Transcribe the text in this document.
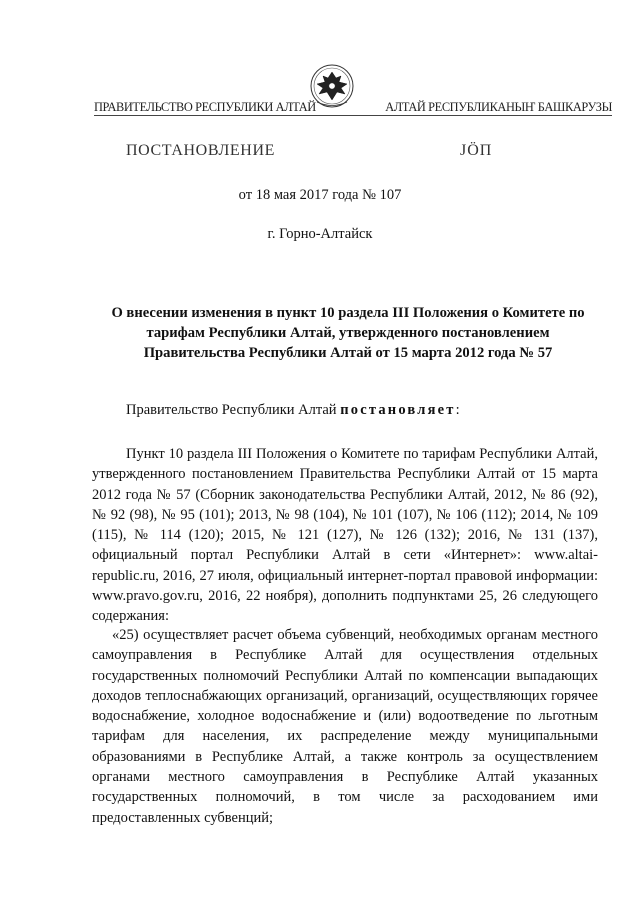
ПРАВИТЕЛЬСТВО РЕСПУБЛИКИ АЛТАЙ	АЛТАЙ РЕСПУБЛИКАНЫҤ БАШКАРУЗЫ
ПОСТАНОВЛЕНИЕ	ЈÖП
от 18 мая 2017 года № 107
г. Горно-Алтайск
О внесении изменения в пункт 10 раздела III Положения о Комитете по тарифам Республики Алтай, утвержденного постановлением Правительства Республики Алтай от 15 марта 2012 года № 57
Правительство Республики Алтай постановляет:
Пункт 10 раздела III Положения о Комитете по тарифам Республики Алтай, утвержденного постановлением Правительства Республики Алтай от 15 марта 2012 года № 57 (Сборник законодательства Республики Алтай, 2012, № 86 (92), № 92 (98), № 95 (101); 2013, № 98 (104), № 101 (107), № 106 (112); 2014, № 109 (115), № 114 (120); 2015, № 121 (127), № 126 (132); 2016, № 131 (137), официальный портал Республики Алтай в сети «Интернет»: www.altai-republic.ru, 2016, 27 июля, официальный интернет-портал правовой информации: www.pravo.gov.ru, 2016, 22 ноября), дополнить подпунктами 25, 26 следующего содержания:
«25) осуществляет расчет объема субвенций, необходимых органам местного самоуправления в Республике Алтай для осуществления отдельных государственных полномочий Республики Алтай по компенсации выпадающих доходов теплоснабжающих организаций, организаций, осуществляющих горячее водоснабжение, холодное водоснабжение и (или) водоотведение по льготным тарифам для населения, их распределение между муниципальными образованиями в Республике Алтай, а также контроль за осуществлением органами местного самоуправления в Республике Алтай указанных государственных полномочий, в том числе за расходованием ими предоставленных субвенций;
